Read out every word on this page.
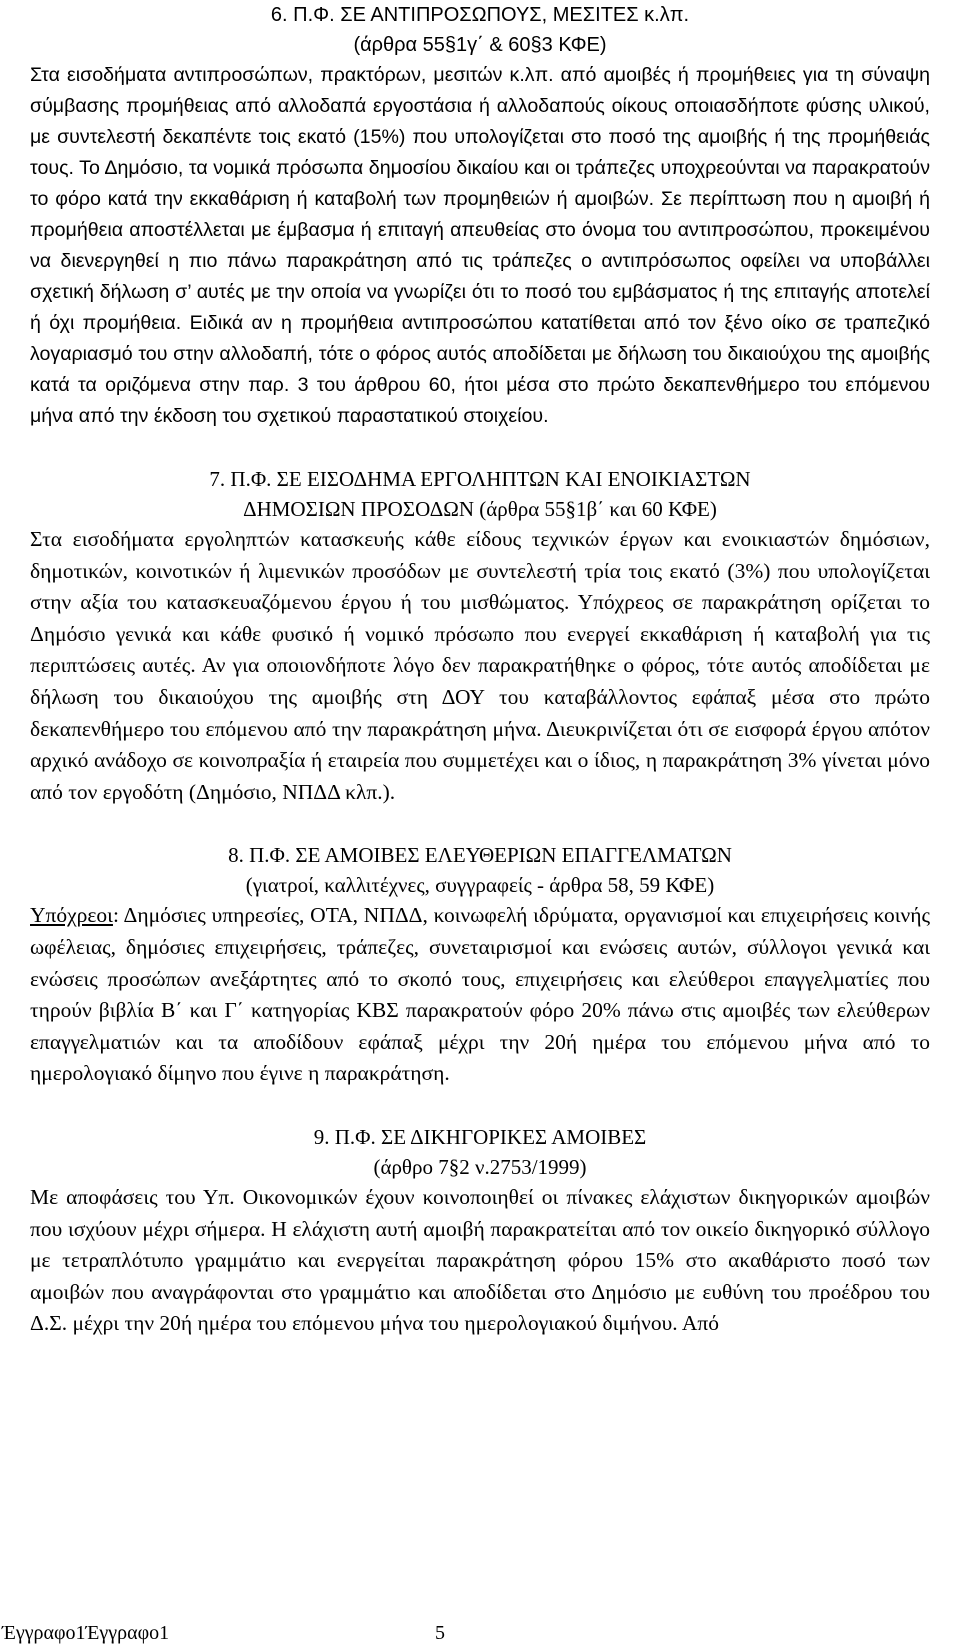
6. Π.Φ. ΣΕ ΑΝΤΙΠΡΟΣΩΠΟΥΣ, ΜΕΣΙΤΕΣ κ.λπ.

(άρθρα 55§1γ΄ & 60§3 ΚΦΕ)

Στα εισοδήματα αντιπροσώπων, πρακτόρων, μεσιτών κ.λπ. από αμοιβές ή προμήθειες για τη σύναψη σύμβασης προμήθειας από αλλοδαπά εργοστάσια ή αλλοδαπούς οίκους οποιασδήποτε φύσης υλικού, με συντελεστή δεκαπέντε τοις εκατό (15%) που υπολογίζεται στο ποσό της αμοιβής ή της προμήθειάς τους. Το Δημόσιο, τα νομικά πρόσωπα δημοσίου δικαίου και οι τράπεζες υποχρεούνται να παρακρατούν το φόρο κατά την εκκαθάριση ή καταβολή των προμηθειών ή αμοιβών. Σε περίπτωση που η αμοιβή ή προμήθεια αποστέλλεται με έμβασμα ή επιταγή απευθείας στο όνομα του αντιπροσώπου, προκειμένου να διενεργηθεί η πιο πάνω παρακράτηση από τις τράπεζες ο αντιπρόσωπος οφείλει να υποβάλλει σχετική δήλωση σ’ αυτές με την οποία να γνωρίζει ότι το ποσό του εμβάσματος ή της επιταγής αποτελεί ή όχι προμήθεια. Ειδικά αν η προμήθεια αντιπροσώπου κατατίθεται από τον ξένο οίκο σε τραπεζικό λογαριασμό του στην αλλοδαπή, τότε ο φόρος αυτός αποδίδεται με δήλωση του δικαιούχου της αμοιβής κατά τα οριζόμενα στην παρ. 3 του άρθρου 60, ήτοι μέσα στο πρώτο δεκαπενθήμερο του επόμενου μήνα από την έκδοση του σχετικού παραστατικού στοιχείου.

7. Π.Φ. ΣΕ ΕΙΣΟΔΗΜΑ ΕΡΓΟΛΗΠΤΩΝ ΚΑΙ ΕΝΟΙΚΙΑΣΤΩΝ

ΔΗΜΟΣΙΩΝ ΠΡΟΣΟΔΩΝ (άρθρα 55§1β΄ και 60 ΚΦΕ)

Στα εισοδήματα εργοληπτών κατασκευής κάθε είδους τεχνικών έργων και ενοικιαστών δημόσιων, δημοτικών, κοινοτικών ή λιμενικών προσόδων με συντελεστή τρία τοις εκατό (3%) που υπολογίζεται στην αξία του κατασκευαζόμενου έργου ή του μισθώματος. Υπόχρεος σε παρακράτηση ορίζεται το Δημόσιο γενικά και κάθε φυσικό ή νομικό πρόσωπο που ενεργεί εκκαθάριση ή καταβολή για τις περιπτώσεις αυτές. Αν για οποιονδήποτε λόγο δεν παρακρατήθηκε ο φόρος, τότε αυτός αποδίδεται με δήλωση του δικαιούχου της αμοιβής στη ΔΟΥ του καταβάλλοντος εφάπαξ μέσα στο πρώτο δεκαπενθήμερο του επόμενου από την παρακράτηση μήνα. Διευκρινίζεται ότι σε εισφορά έργου απότον αρχικό ανάδοχο σε κοινοπραξία ή εταιρεία που συμμετέχει και ο ίδιος, η παρακράτηση 3% γίνεται μόνο από τον εργοδότη (Δημόσιο, ΝΠΔΔ κλπ.).

8. Π.Φ. ΣΕ ΑΜΟΙΒΕΣ ΕΛΕΥΘΕΡΙΩΝ ΕΠΑΓΓΕΛΜΑΤΩΝ

(γιατροί, καλλιτέχνες, συγγραφείς - άρθρα 58, 59 ΚΦΕ)

Υπόχρεοι: Δημόσιες υπηρεσίες, ΟΤΑ, ΝΠΔΔ, κοινωφελή ιδρύματα, οργανισμοί και επιχειρήσεις κοινής ωφέλειας, δημόσιες επιχειρήσεις, τράπεζες, συνεταιρισμοί και ενώσεις αυτών, σύλλογοι γενικά και ενώσεις προσώπων ανεξάρτητες από το σκοπό τους, επιχειρήσεις και ελεύθεροι επαγγελματίες που τηρούν βιβλία Β΄ και Γ΄ κατηγορίας ΚΒΣ παρακρατούν φόρο 20% πάνω στις αμοιβές των ελεύθερων επαγγελματιών και τα αποδίδουν εφάπαξ μέχρι την 20ή ημέρα του επόμενου μήνα από το ημερολογιακό δίμηνο που έγινε η παρακράτηση.

9. Π.Φ. ΣΕ ΔΙΚΗΓΟΡΙΚΕΣ ΑΜΟΙΒΕΣ

(άρθρο 7§2 ν.2753/1999)

Με αποφάσεις του Υπ. Οικονομικών έχουν κοινοποιηθεί οι πίνακες ελάχιστων δικηγορικών αμοιβών που ισχύουν μέχρι σήμερα. Η ελάχιστη αυτή αμοιβή παρακρατείται από τον οικείο δικηγορικό σύλλογο με τετραπλότυπο γραμμάτιο και ενεργείται παρακράτηση φόρου 15% στο ακαθάριστο ποσό των αμοιβών που αναγράφονται στο γραμμάτιο και αποδίδεται στο Δημόσιο με ευθύνη του προέδρου του Δ.Σ. μέχρι την 20ή ημέρα του επόμενου μήνα του ημερολογιακού διμήνου. Από

Έγγραφο1Έγγραφο1	5
